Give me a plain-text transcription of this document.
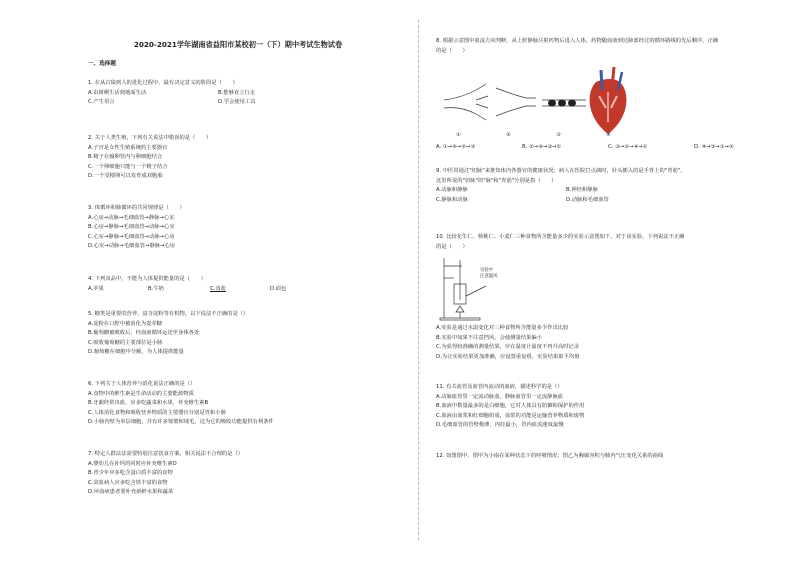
2020-2021学年湖南省益阳市某校初一（下）期中考试生物试卷
一、选择题
1. 在从古猿到人的进化过程中，最有决定意义的阶段是（　　）
A.由树栖生活到地面生活	B.能够直立行走
C.产生语言	D.学会使用工具
2. 关于人类生殖，下列有关说法中错误的是（　　）
A.子宫是女性生殖系统的主要器官
B.精子在输卵管内与卵细胞结合
C.一个卵细胞只能与一个精子结合
D.一个受精卵可以发育成双胞胎
3. 体循环和肺循环的共同规律是（　　）
A.心房→动脉→毛细血管→静脉→心室
B.心房→静脉→毛细血管→动脉→心室
C.心室→静脉→毛细血管→动脉→心房
D.心室→动脉→毛细血管→静脉→心房
4. 下列食品中，不能为人体提供能量的是（　　）
A.苹果	B.牛奶	C.食盐	D.面包
5. 糖类是重要的营养，富含淀粉等有机物。以下说法不正确的是（）
A.淀粉在口腔中被消化为麦芽糖
B.葡萄糖被吸收后，经血液循环运送至身体各处
C.吸收葡萄糖的主要部位是小肠
D.葡萄糖在细胞中分解，为人体提供能量
6. 下列关于人体营养与消化说法正确的是（）
A.食物中的维生素是生命活动的主要能源物质
B.牙龈经常出血，应多吃蔬菜和水果，补充维生素B
C.人体消化食物和吸收营养物质的主要器官分别是胃和小肠
D.小肠内壁为单层细胞，并有许多皱襞和绒毛，这为它的吸收功能提供有利条件
7. 特定人群法法需要特别注意饮食方案。相关说法不合理的是（）
A.婴幼儿在补钙的同时应补充维生素D
B.青少年应多吃含蛋白质丰富的食物
C.贫血病人应多吃含铁丰富的食物
D.坏血病患者要补充新鲜水果和蔬菜
8. 根据示意图中血流方向判断，从上腔静脉注射药物后进入人体，药物随血液到达肺部经过的循环路线的先后顺序，正确
的是（　　）
①	②	③	④
A. ①→④→②→③	B. ②→④→③→①	C. ③→②→④→①	D. ④→③→①→②
9. 中医常通过"切脉"来推知体内各器官的健康状况；病人在医院打点滴时，针头插入的是手背上的"青筋"，
这里所说的"切脉"的"脉"和"青筋"分别是指（　　）
A.动脉和静脉	B.神经和静脉
C.静脉和动脉	D.动脉和毛细血管
10. 比较花生仁、核桃仁、小麦仁三种食物所含能量多少的实验示意图如下，对于该实验，下列说法不正确
的是（　　）
实验中
注意温风
A.实验是通过水温变化对三种食物所含能量多少作出比较
B.实验中如果不注意挡风，会使测量结果偏小
C.为获得较准确的测量结果，应在温度计温度不再升高时记录
D.为让实验结果更加准确，应设置重复组，实验结果取平均值
11. 有关血管及血管内流动的血液，描述科学的是（）
A.动脉血管里一定流动脉血，静脉血管里一定流静脉血
B.血液中数量最多的是白细胞，它对人体具有防御和保护的作用
C.血液由血浆和红细胞组成，血浆的功能是运输营养物质和废物
D.毛细血管的管壁极薄、内径最小，管内血流速度最慢
12. 如图图中，图甲为小南在某种状态下的呼吸情况；图乙为胸廓容积与肺内气压变化关系的曲线
